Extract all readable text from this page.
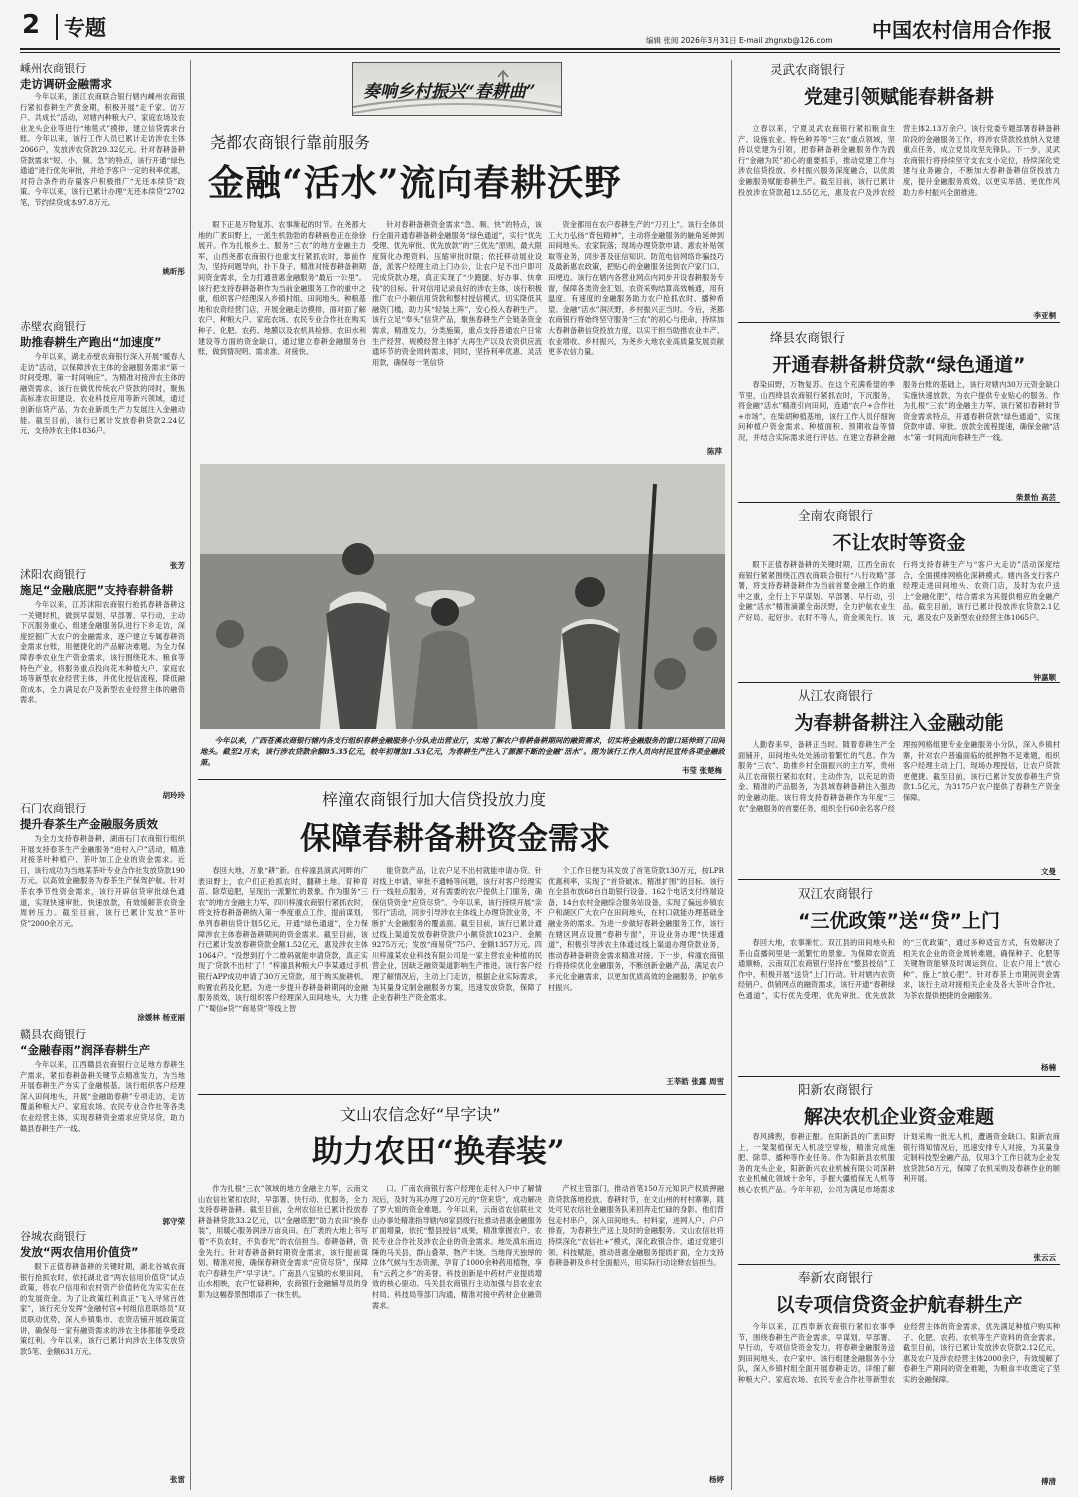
2 专题
编辑 张阅 2026年3月31日 E-mail zhgnxb@126.com 中国农村信用合作报
奏响乡村振兴“春耕曲”
嵊州农商银行
走访调研金融需求
今年以来，浙江农商联合银行辖内嵊州农商银行紧扣春耕生产黄金期，积极开展“走千家、访万户、共成长”活动，对辖内种粮大户、家庭农场及农业龙头企业等进行“地毯式”摸排，建立信贷需求台账。今年以来，该行工作人员已累计走访涉农主体2066户，发放涉农贷款29.32亿元。针对春耕备耕贷款需求“短、小、频、急”的特点，该行开通“绿色通道”进行优先审批，并给予客户一定的利率优惠，对符合条件的存量客户积极推广“无还本续贷”政策。今年以来，该行已累计办理“无还本续贷”2702笔，节约续贷成本97.8万元。
姚昕彤
赤壁农商银行
助推春耕生产跑出“加速度”
今年以来，湖北赤壁农商银行深入开展“暖春人走访”活动，以保障涉农主体的金融服务需求“第一时间受理、第一时间响应”。为精准对接涉农主体的融资需求，该行在做优传统农户贷款的同时，聚焦高标准农田建设、农业科技应用等新兴领域，通过创新信贷产品，为农业新质生产力发展注入金融动能。截至目前，该行已累计发放春耕贷款2.24亿元，支持涉农主体1836户。
张芳
沭阳农商银行
施足“金融底肥”支持春耕备耕
今年以来，江苏沭阳农商银行抢抓春耕备耕这一关键时机，做到早谋划、早部署、早行动，主动下沉服务重心，组建金融服务队进行下乡走访，深度挖掘广大农户的金融需求，逐户建立专属春耕资金需求台账，用便捷化的产品解决难题。为全力保障春季农业生产资金需求，该行围绕花木、粮食等特色产业，将服务重点投向花木种植大户、家庭农场等新型农业经营主体，并优化授信流程，降低融资成本，全力满足农户及新型农业经营主体的融资需求。
胡玲玲
石门农商银行
提升春茶生产金融服务质效
为全力支持春耕备耕，湖南石门农商银行组织开展支持春茶生产金融服务“进村入户”活动，精准对接茶叶种植户、茶叶加工企业的资金需求。近日，该行成功为当地某茶叶专业合作社发放贷款190万元，以高效金融服务为春茶生产保驾护航。针对茶农季节性资金需求，该行开辟信贷审批绿色通道，实现快速审批、快速放款，有效缓解茶农资金周转压力。截至目前，该行已累计发放“茶叶贷”2000余万元。
涂媛林 杨亚丽
赣县农商银行
“金融春雨”润泽春耕生产
今年以来，江西赣县农商银行立足地方春耕生产需求，紧扣春耕备耕关键节点精准发力，为当地开展春耕生产夯实了金融根基。该行组织客户经理深入田间地头，开展“金融助春耕”专项走访，走访覆盖种粮大户、家庭农场、农民专业合作社等各类农业经营主体，实现春耕资金需求应贷尽贷，助力赣县春耕生产一线。
郭守荣
谷城农商银行
发放“两农信用价值贷”
眼下正值春耕备耕的关键时期，湖北谷城农商银行抢抓农时，依托湖北省“两农信用价值贷”试点政策，将农户信用和农村资产价值转化为实实在在的发展资金。为了让政策红利真正“飞入寻常百姓家”，该行充分发挥“金融村官+村组信息联络员”双员联动优势，深入乡镇集市、农资店铺开展政策宣讲，确保每一家有融资需求的涉农主体都能享受政策红利。今年以来，该行已累计向涉农主体发放贷款5笔、金额631万元。
张雷
尧都农商银行靠前服务
金融“活水”流向春耕沃野
眼下正是万物复苏、农事渐起的时节。在尧都大地的广袤田野上，一派生机勃勃的春耕画卷正在徐徐展开。作为扎根乡土、服务“三农”的地方金融主力军，山西尧都农商银行也重支行紧抓农时，靠前作为，坚持问题导向，扑下身子、精准对接春耕备耕期间资金需求，全力打通普惠金融服务“最后一公里”。该行把支持春耕备耕作为当前金融服务工作的重中之重，组织客户经理深入乡镇村组、田间地头、种粮基地和农资经营门店，开展金融走访摸排，面对面了解农户、种粮大户、家庭农场、农民专业合作社在购买种子、化肥、农药、地膜以及农机具检修、农田水利建设等方面的资金缺口，通过建立春耕金融服务台账，做到情况明、需求准、对接快。
针对春耕备耕资金需求“急、频、快”的特点，该行全面开通春耕备耕金融服务“绿色通道”，实行“优先受理、优先审批、优先放款”的“三优先”原则，最大限度简化办理资料、压缩审批时限；依托移动展业设备，派客户经理主动上门办公，让农户足不出户即可完成贷款办理，真正实现了“少跑腿、好办事、快拿钱”的目标。针对信用记录良好的涉农主体，该行积极推广农户小额信用贷款和整村授信模式，切实降低其融资门槛，助力其“轻装上阵”，安心投入春耕生产。该行立足“奉头”信贷产品，聚焦春耕生产全链条资金需求，精准发力，分类施策，重点支持普通农户日常生产经营、规模经营主体扩大再生产以及农资供应流通环节的资金周转需求，同时，坚持利率优惠、灵活用款，确保每一笔信贷
资金都用在农户春耕生产的“刀刃上”。该行全体员工大力弘扬“背包精神”，主动将金融服务的触角延伸到田间地头、农家院落；现场办理贷款申请、惠农补贴领取等业务，同步普及征信知识、防范电信网络诈骗技巧及最新惠农政策，把贴心的金融服务送到农户家门口、田埂边。该行在辖内各营业网点内同步开设春耕服务专窗，保障各类资金汇划、农资采购结算高效畅通，用有温度、有速度的金融服务助力农户抢抓农时、播种希望。金融“活水”润沃野，乡村振兴正当时。今后，尧都农商银行将始终坚守服务“三农”的初心与使命，持续加大春耕备耕信贷投放力度，以实干担当助推农业丰产、农业增收、乡村振兴，为尧乡大地农业高质量发展贡献更多农信力量。
陈萍
今年以来，广西苍溪农商银行辖内各支行组织春耕金融服务小分队走出营业厅，实地了解农户春耕备耕期间的融资需求，切实将金融服务的窗口延伸到了田间地头。截至2月末，该行涉农贷款余额85.35亿元，较年初增加1.53亿元，为春耕生产注入了源源不断的金融“活水”。图为该行工作人员向村民宣传各项金融政策。
韦莹 张楚梅
梓潼农商银行加大信贷投放力度
保障春耕备耕资金需求
春回大地，万象“耕”新。在梓潼县演武河畔的广袤田野上，农户们正抢抓农时，翻耕土地、育种育苗、除草追肥，呈现出一派繁忙的景象。作为服务“三农”的地方金融主力军，四川梓潼农商银行紧抓农时，将支持春耕备耕纳入第一季度重点工作，提前谋划，单列春耕信贷计划5亿元，开通“绿色通道”，全力保障涉农主体春耕备耕期间的资金需求。截至目前，该行已累计发放春耕贷款金额1.52亿元，惠及涉农主体1064户。“没想到打个二维码就能申请贷款，真正实现了‘贷款不出村’了！”梓潼县种粮大户李某通过手机银行APP成功申请了30万元贷款，用于购买旋耕机、购置农药及化肥。为进一步提升春耕备耕期间的金融服务质效，该行组织客户经理深入田间地头，大力推广“蜀信e贷”“商易贷”等线上智
能贷款产品，让农户足不出村就能申请办贷。针对线上申请、审批不通畅等问题，该行对客户经理实行一线驻点服务，对有需要的农户提供上门服务，确保信贷资金“应贷尽贷”。今年以来，该行持续开展“亲邻行”活动，同步引导涉农主体线上办理贷款业务，不断扩大金融服务的覆盖面。截至目前，该行已累计通过线上渠道发放春耕贷款户小额贷款1023户、金额9275万元；发放“商易贷”75户、金额1357万元。四川梓潼某农业科技有限公司是一家主营农业种植的民营企业，因缺乏融资渠道影响生产推进。该行客户经理了解情况后，主动上门走访，根据企业实际需求，为其量身定制金融服务方案，迅速发放贷款，保障了企业春耕生产资金需求。
个工作日便为其发放了首笔贷款130万元，按LPR优惠利率，实现了“首贷破冰、精准扩围”的目标。该行在全县布放68台自助银行设备、162个电话支付终端设备，14台农村金融综合服务站设备，实现了偏远乡镇农户和湖区广大农户在田间地头，在村口就能办理基础金融业务的需求。为进一步做好春耕金融服务工作，该行在辖区网点设置“春耕专窗”，开设业务办理“快速通道”，积极引导涉农主体通过线上渠道办理贷款业务，推动春耕备耕资金需求精准对接。下一步，梓潼农商银行将持续优化金融服务，不断创新金融产品，满足农户多元化金融需求，以更加优质高效的金融服务，护航乡村振兴。
王莘皓 张露 周雪
文山农信念好“早字诀”
助力农田“换春装”
作为扎根“三农”领域的地方金融主力军，云南文山农信社紧扣农时，早部署、快行动、优服务，全力支持春耕备耕。截至目前，全州农信社已累计投放春耕备耕贷款33.2亿元，以“金融底肥”助力农田“换春装”，用暖心服务润泽万亩良田。在广袤的大地上书写着“不负农时，不负春光”的农信担当。春耕备耕，资金先行。针对春耕备耕时期资金需求，该行提前谋划、精准对接，确保春耕资金需求“应贷尽贷”，保障农户春耕生产“早字诀”。广南县八宝镇的水果田间，山水相映，农户忙碌耕种，农商银行金融辅导员的身影为这幅春景图增添了一抹生机。
口。广南农商银行客户经理在走村入户中了解情况后，及时为其办理了20万元的“贷来贷”，成功解决了罗大姐的资金难题。今年以来，云南省农信联社文山办事处精准指导辖内8家县级行社推动普惠金融服务扩面增量，依托“整县授信”成果，精准掌握农户、农民专业合作社及涉农企业的资金需求。地处滇东南边陲的马关县，群山叠翠、物产丰饶。当地得天独厚的立体气候与生态资源，孕育了1000余种药用植物，享有“云药之乡”的美誉。科技创新是中药材产业提质增效的核心驱动。马关县农商银行主动加强与县农业农村局、科技局等部门沟通，精准对接中药材企业融资需求。
产权主管部门，推动首笔150万元知识产权质押融资贷款落地投放。春耕时节，在文山州的村村寨寨，随处可见农信社金融服务队来回奔走忙碌的身影。他们背包走村串户，深入田间地头、村料家，进网人户、户户排查，为春耕生产送上及时的金融服务。文山农信社将持续深化“农信社+”模式，深化政银合作，通过党建引领、科技赋能，推动普惠金融服务提质扩面，全力支持春耕备耕及乡村全面振兴，用实际行动诠释农信担当。
杨婷
灵武农商银行
党建引领赋能春耕备耕
立春以来，宁夏灵武农商银行紧扣粮食生产、设施农业、特色种养等“三农”重点领域，坚持以党建为引领，把春耕备耕金融服务作为践行“金融为民”初心的重要抓手，推动党建工作与涉农信贷投放、乡村振兴服务深度融合，以优质金融服务赋能春耕生产。截至目前，该行已累计投放涉农贷款超12.55亿元，惠及农户及涉农经营主体2.13万余户。该行党委专题部署春耕备耕阶段的金融服务工作，将涉农贷款投放纳入党建重点任务，成立党员攻坚先锋队。下一步，灵武农商银行将持续坚守支农支小定位，持续深化党建与业务融合，不断加大春耕备耕信贷投放力度，提升金融服务质效，以更实举措、更优作风助力乡村振兴全面推进。
李亚桐
绛县农商银行
开通春耕备耕贷款“绿色通道”
春染田野，万物复苏。在这个充满希望的季节里，山西绛县农商银行紧抓农时，下沉服务，将金融“活水”精准引向田间，连通“农户+合作社+市场”。在柴胡种植基地，该行工作人员仔细询问种植户资金需求、种植面积、预期收益等情况，并结合实际需求进行评估。在建立春耕金融服务台账的基础上，该行对辖内30万元资金缺口实施快速放款，为农户提供专业贴心的服务。作为扎根“三农”的金融主力军，该行紧扣春耕时节资金需求特点，开通春耕贷款“绿色通道”，实现贷款申请、审批、放款全流程提速，确保金融“活水”第一时间流向春耕生产一线。
柴景怡 高芸
全南农商银行
不让农时等资金
眼下正值春耕备耕的关键时期，江西全南农商银行紧紧围绕江西农商联合银行“八行攻略”部署，将支持春耕备耕作为当前首要金融工作的重中之重，全行上下早谋划、早部署、早行动，引金融“活水”精准滴灌全南沃野，全力护航农业生产好局、起好步。农时不等人，资金须先行。该行将支持春耕生产与“客户大走访”活动深度结合，全面摸排网格化深耕模式。辖内各支行客户经理走进田间地头、农资门店，及时为农户送上“金融化肥”，结合需求为其提供相应的金融产品。截至目前，该行已累计投放涉农贷款2.1亿元，惠及农户及新型农业经营主体1065户。
钟嘉顺
从江农商银行
为春耕备耕注入金融动能
人勤春来早，备耕正当时。随着春耕生产全面铺开，田间地头处处涌动着繁忙的气息。作为服务“三农”、助推乡村全面振兴的主力军，贵州从江农商银行紧扣农时、主动作为，以充足的资金、精准的产品服务，为县域春耕备耕注入强劲的金融动能。该行将支持春耕备耕作为年度“三农”金融服务的首要任务，组织全行60余名客户经理按网格组建专业金融服务小分队，深入乡镇村寨，针对农户普遍面临的抵押物不足难题，组织客户经理主动上门，现场办理授信，让农户贷款更便捷。截至目前，该行已累计发放春耕生产贷款1.5亿元，为3175户农户提供了春耕生产资金保障。
文曼
双江农商银行
“三优政策”送“贷”上门
春回大地，农事渐忙。双江县的田间地头和茶山直播间里是一派繁忙的景象。为保障农资流通顺畅，云南双江农商银行坚持在“整县授信”工作中，积极开展“送贷”上门行动。针对辖内农资经销户、供销网点的融资需求，该行开通“春耕绿色通道”，实行优先受理、优先审批、优先放款的“三优政策”，通过多种适宜方式，有效解决了相关农企业的资金周转难题，确保种子、化肥等关键物资能够及时调运到位，让农户用上“放心种”、施上“放心肥”。针对春茶上市期间资金需求，该行主动对接相关企业及各大茶叶合作社，为茶农提供便捷的金融服务。
杨楠
阳新农商银行
解决农机企业资金难题
春风拂煦，春耕正酣。在阳新县的广袤田野上，一架架植保无人机凌空穿梭，精准完成施肥、除草、播种等作业任务。作为阳新县农机服务的龙头企业，阳新新兴农业机械有限公司深耕农业机械化领域十余年，手握大疆植保无人机等核心农机产品。今年年初，公司为满足市场需求计划采购一批无人机，遭遇资金缺口。阳新农商银行得知情况后，迅速安排专人对接，为其量身定制科技型金融产品，仅用3个工作日就为企业发放贷款58万元，保障了农机采购及春耕作业的顺利开展。
张云云
奉新农商银行
以专项信贷资金护航春耕生产
今年以来，江西奉新农商银行紧扣农事季节，围绕春耕生产资金需求，早谋划、早部署、早行动，专项信贷资金发力，将春耕金融服务送到田间地头、农户家中。该行组建金融服务小分队，深入乡镇村组全面开展春耕走访，详细了解种粮大户、家庭农场、农民专业合作社等新型农业经营主体的资金需求，优先满足种植户购买种子、化肥、农药、农机等生产资料的资金需求。截至目前，该行已累计发放涉农贷款2.12亿元，惠及农户及涉农经营主体2000余户，有效缓解了春耕生产期间的资金难题，为粮食丰收奠定了坚实的金融保障。
傅清
